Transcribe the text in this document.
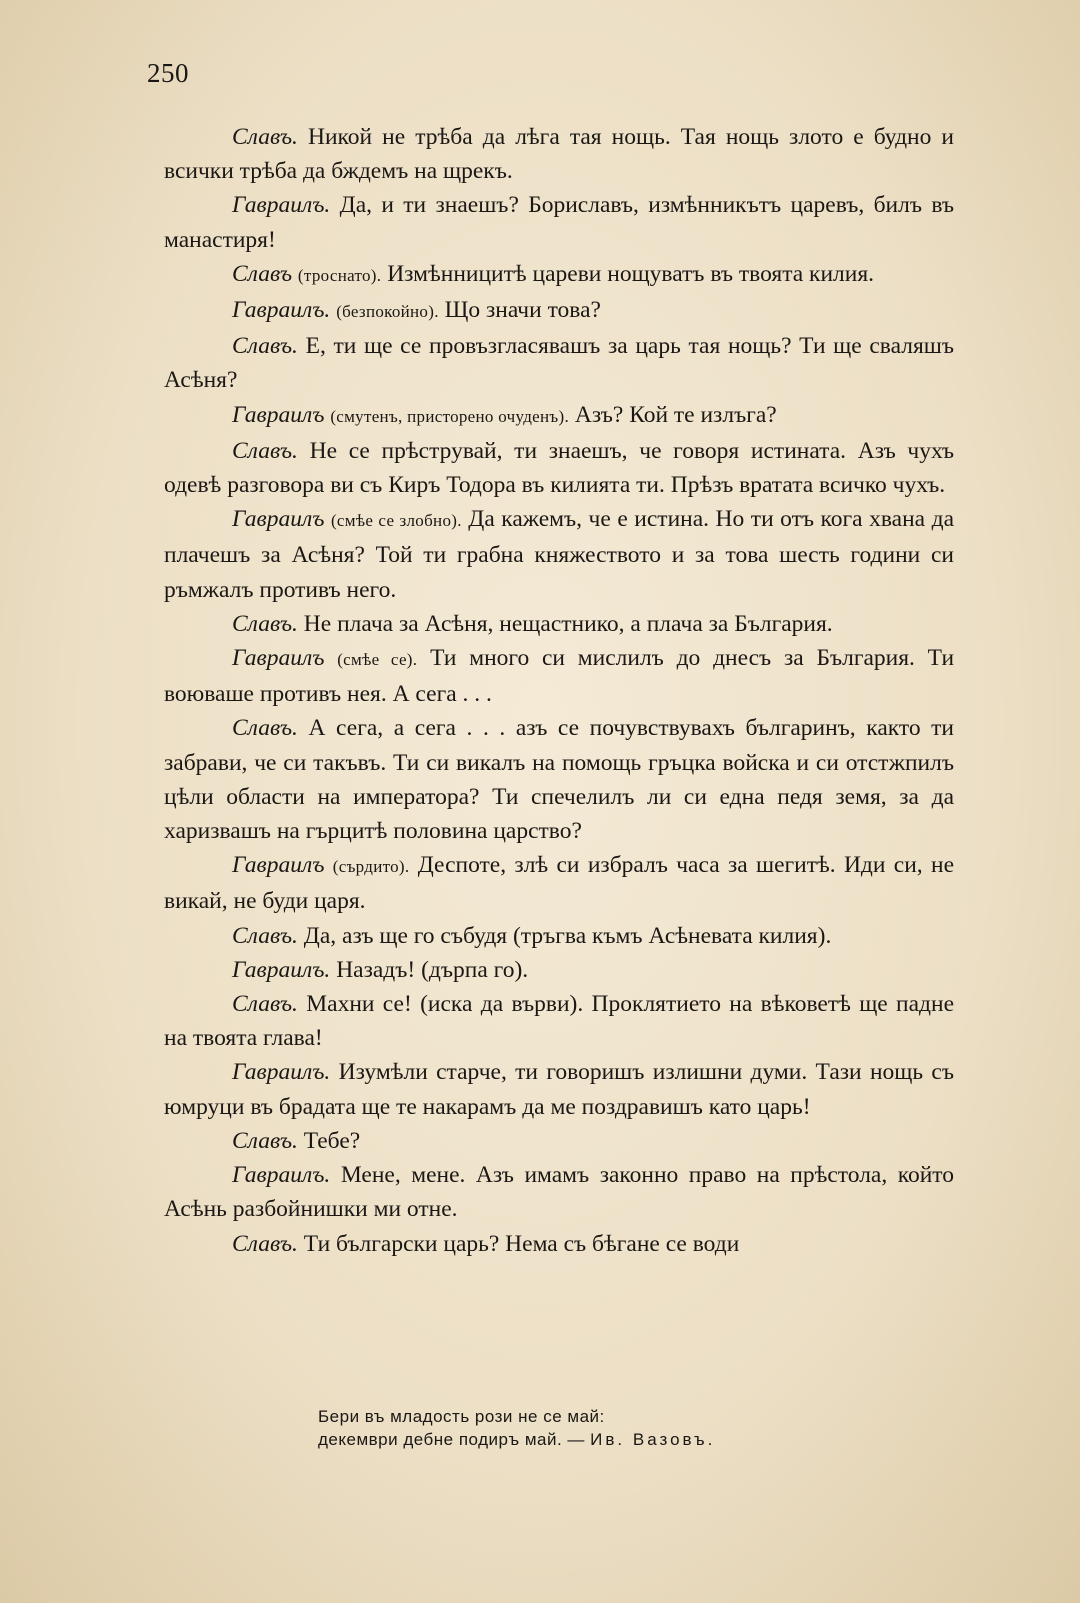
250

Славъ. Никой не трѣба да лѣга тая нощь. Тая нощь злото е будно и всички трѣба да бждемъ на щрекъ.

Гавраилъ. Да, и ти знаешъ? Бориславъ, измѣнникътъ царевъ, билъ въ манастиря!

Славъ (троснато). Измѣнницитѣ цареви нощуватъ въ твоята килия.

Гавраилъ. (безпокойно). Що значи това?

Славъ. Е, ти ще се провъзгласявашъ за царь тая нощь? Ти ще сваляшъ Асѣня?

Гавраилъ (смутенъ, присторено очуденъ). Азъ? Кой те излъга?

Славъ. Не се прѣструвай, ти знаешъ, че говоря истината. Азъ чухъ одевѣ разговора ви съ Киръ Тодора въ килията ти. Прѣзъ вратата всичко чухъ.

Гавраилъ (смѣе се злобно). Да кажемъ, че е истина. Но ти отъ кога хвана да плачешъ за Асѣня? Той ти грабна княжеството и за това шесть години си ръмжалъ противъ него.

Славъ. Не плача за Асѣня, нещастнико, а плача за България.

Гавраилъ (смѣе се). Ти много си мислилъ до днесъ за България. Ти воюваше противъ нея. А сега . . .

Славъ. А сега, а сега . . . азъ се почувствувахъ българинъ, както ти забрави, че си такъвъ. Ти си викалъ на помощь гръцка войска и си отстжпилъ цѣли области на императора? Ти спечелилъ ли си една педя земя, за да харизвашъ на гърцитѣ половина царство?

Гавраилъ (сърдито). Деспоте, злѣ си избралъ часа за шегитѣ. Иди си, не викай, не буди царя.

Славъ. Да, азъ ще го събудя (тръгва къмъ Асѣневата килия).

Гавраилъ. Назадъ! (дърпа го).

Славъ. Махни се! (иска да върви). Проклятието на вѣковетѣ ще падне на твоята глава!

Гавраилъ. Изумѣли старче, ти говоришъ излишни думи. Тази нощь съ юмруци въ брадата ще те накарамъ да ме поздравишъ като царь!

Славъ. Тебе?

Гавраилъ. Мене, мене. Азъ имамъ законно право на прѣстола, който Асѣнь разбойнишки ми отне.

Славъ. Ти български царь? Нема съ бѣгане се води

Бери въ младость рози не се май:

декември дебне подиръ май. — Ив. Вазовъ.
